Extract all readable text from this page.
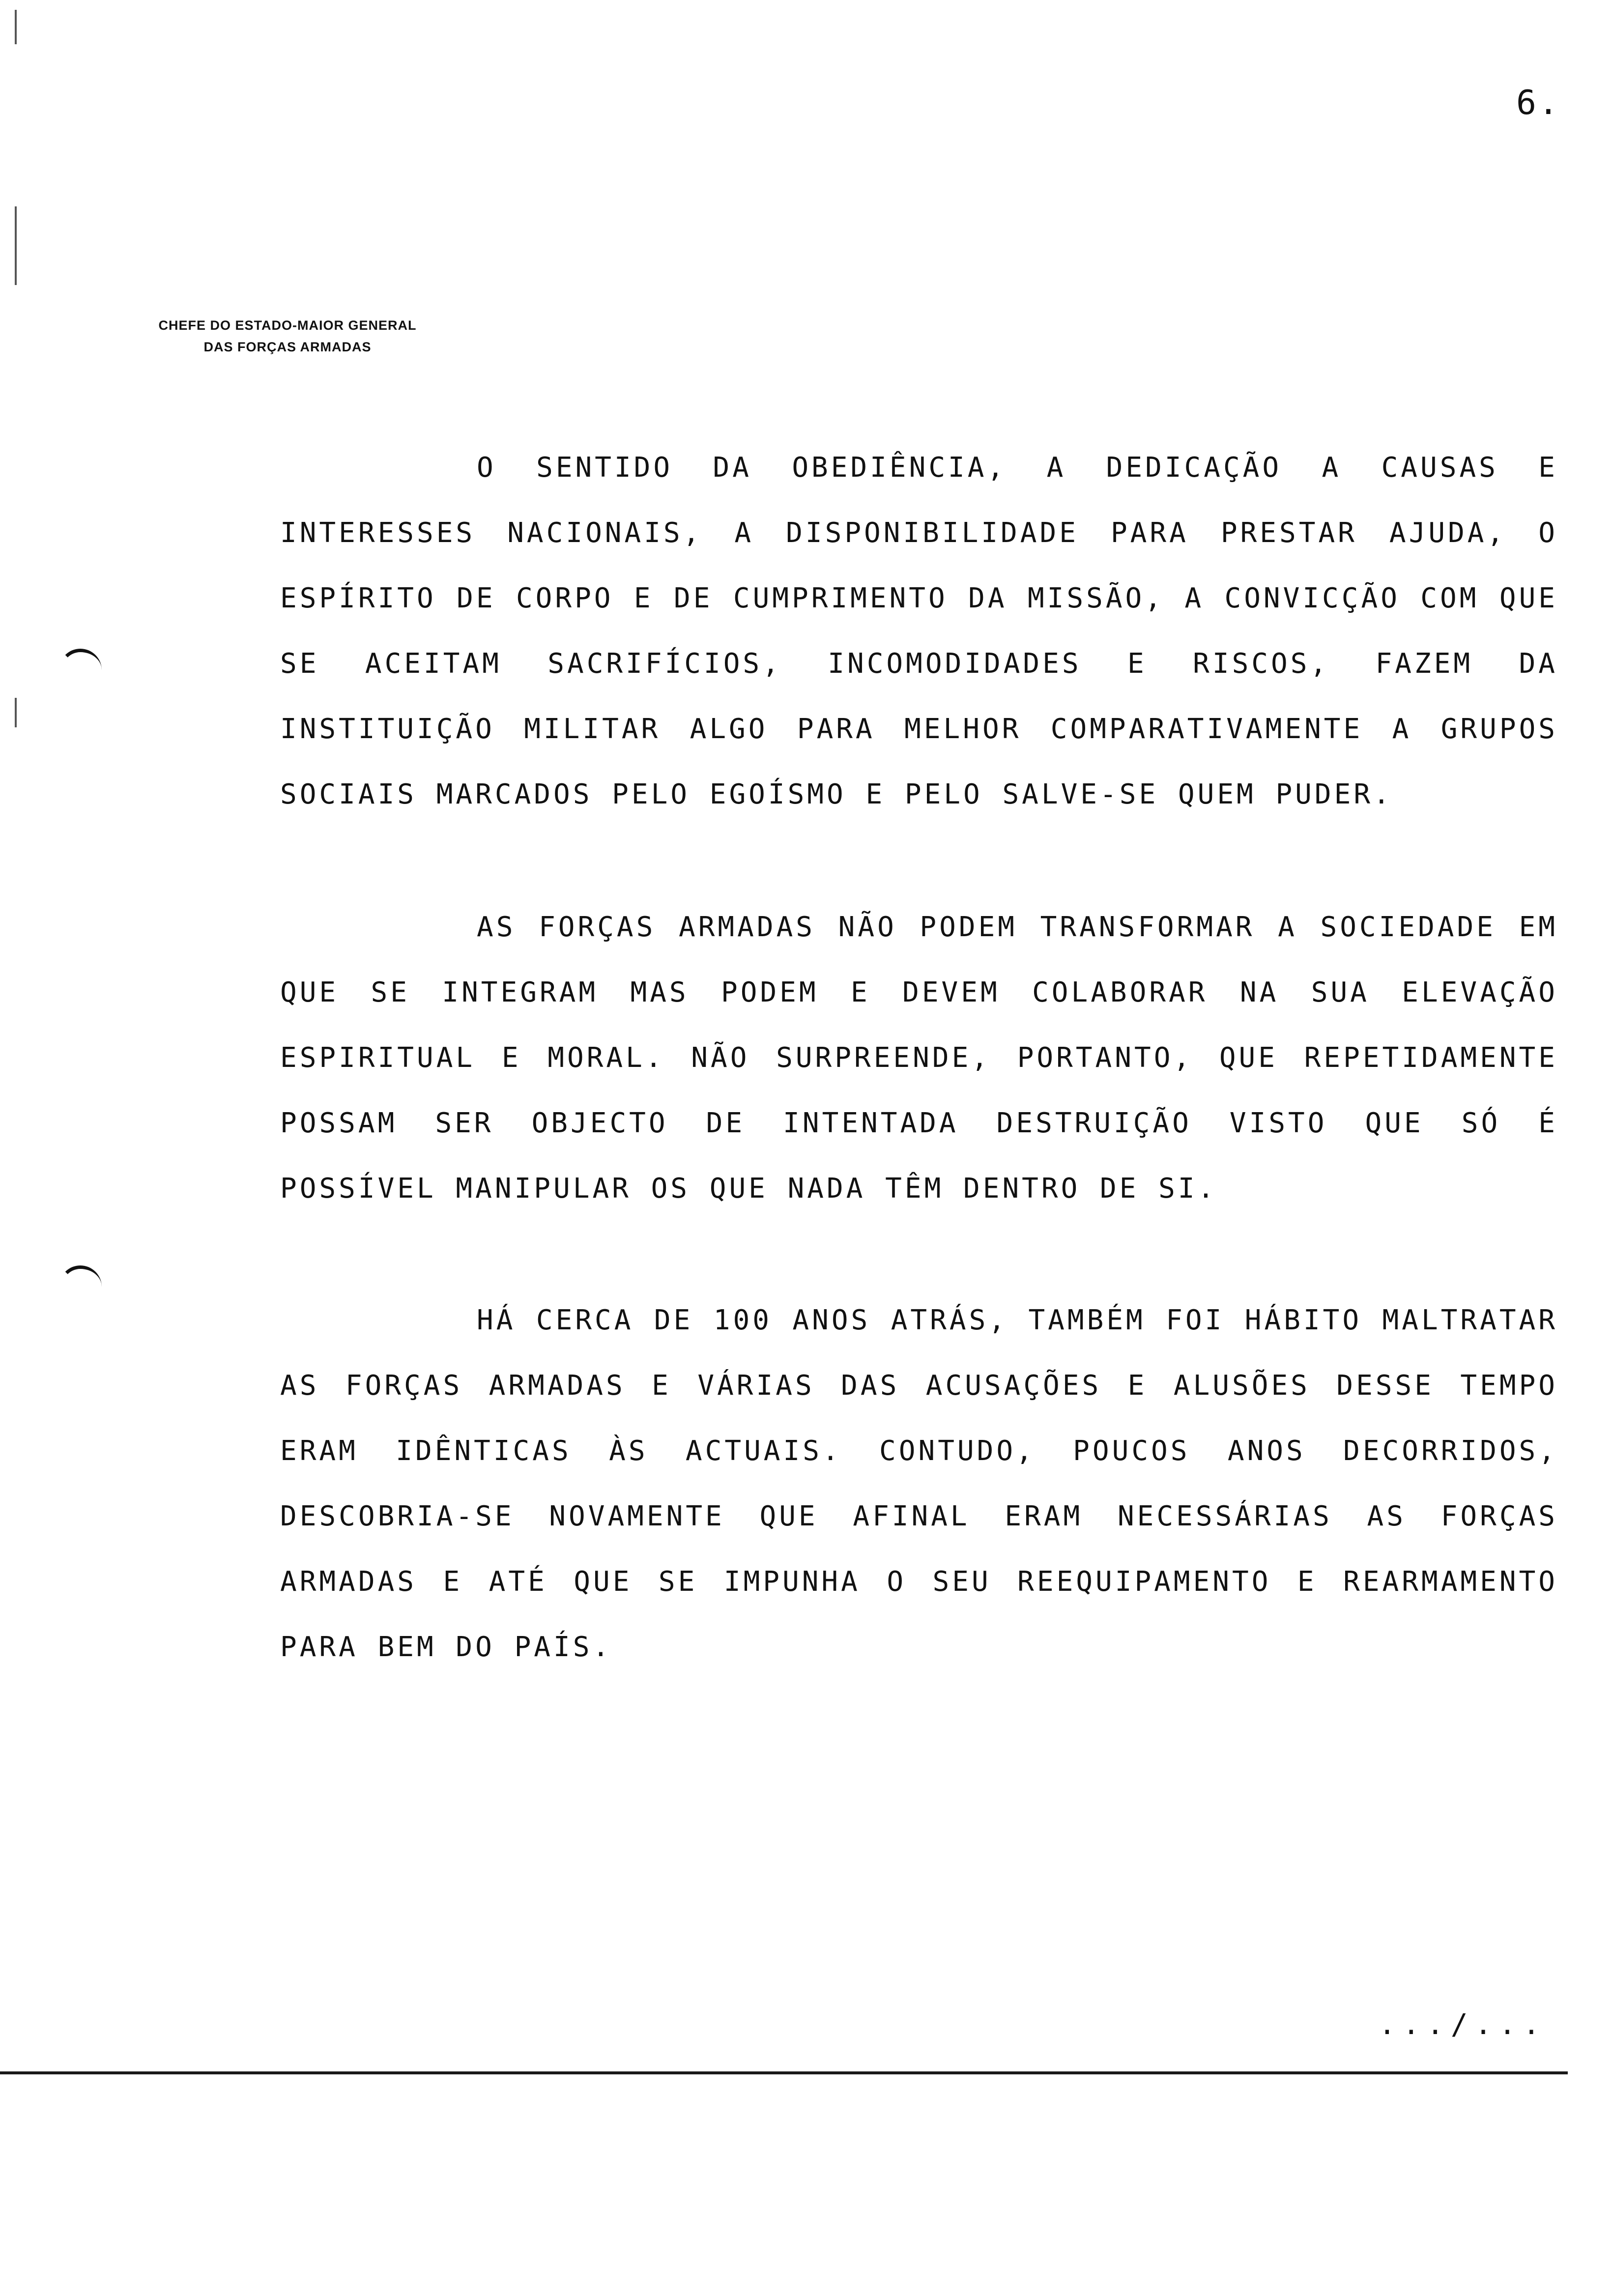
6.
CHEFE DO ESTADO-MAIOR GENERAL
DAS FORÇAS ARMADAS
O SENTIDO DA OBEDIÊNCIA, A DEDICAÇÃO A CAUSAS E INTERESSES NACIONAIS, A DISPONIBILIDADE PARA PRESTAR AJUDA, O ESPÍRITO DE CORPO E DE CUMPRIMENTO DA MISSÃO, A CONVICÇÃO COM QUE SE ACEITAM SACRIFÍCIOS, INCOMODIDADES E RISCOS, FAZEM DA INSTITUIÇÃO MILITAR ALGO PARA MELHOR COMPARATIVAMENTE A GRUPOS SOCIAIS MARCADOS PELO EGOÍSMO E PELO SALVE-SE QUEM PUDER.
AS FORÇAS ARMADAS NÃO PODEM TRANSFORMAR A SOCIEDADE EM QUE SE INTEGRAM MAS PODEM E DEVEM COLABORAR NA SUA ELEVAÇÃO ESPIRITUAL E MORAL. NÃO SURPREENDE, PORTANTO, QUE REPETIDAMENTE POSSAM SER OBJECTO DE INTENTADA DESTRUIÇÃO VISTO QUE SÓ É POSSÍVEL MANIPULAR OS QUE NADA TÊM DENTRO DE SI.
HÁ CERCA DE 100 ANOS ATRÁS, TAMBÉM FOI HÁBITO MALTRATAR AS FORÇAS ARMADAS E VÁRIAS DAS ACUSAÇÕES E ALUSÕES DESSE TEMPO ERAM IDÊNTICAS ÀS ACTUAIS. CONTUDO, POUCOS ANOS DECORRIDOS, DESCOBRIA-SE NOVAMENTE QUE AFINAL ERAM NECESSÁRIAS AS FORÇAS ARMADAS E ATÉ QUE SE IMPUNHA O SEU REEQUIPAMENTO E REARMAMENTO PARA BEM DO PAÍS.
.../...
